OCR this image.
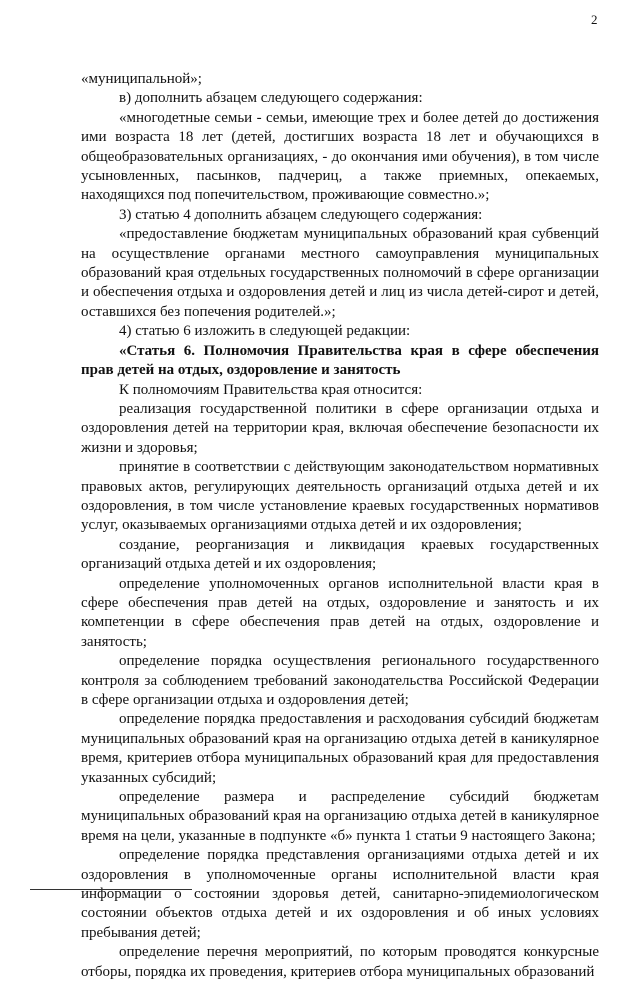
2

«муниципальной»;

в) дополнить абзацем следующего содержания:

«многодетные семьи - семьи, имеющие трех и более детей до достижения ими возраста 18 лет (детей, достигших возраста 18 лет и обучающихся в общеобразовательных организациях, - до окончания ими обучения), в том числе усыновленных, пасынков, падчериц, а также приемных, опекаемых, находящихся под попечительством, проживающие совместно.»;

3) статью 4 дополнить абзацем следующего содержания:

«предоставление бюджетам муниципальных образований края субвенций на осуществление органами местного самоуправления муниципальных образований края отдельных государственных полномочий в сфере организации и обеспечения отдыха и оздоровления детей и лиц из числа детей-сирот и детей, оставшихся без попечения родителей.»;

4) статью 6 изложить в следующей редакции:

«Статья 6. Полномочия Правительства края в сфере обеспечения прав детей на отдых, оздоровление и занятость

К полномочиям Правительства края относится:

реализация государственной политики в сфере организации отдыха и оздоровления детей на территории края, включая обеспечение безопасности их жизни и здоровья;

принятие в соответствии с действующим законодательством нормативных правовых актов, регулирующих деятельность организаций отдыха детей и их оздоровления, в том числе установление краевых государственных нормативов услуг, оказываемых организациями отдыха детей и их оздоровления;

создание, реорганизация и ликвидация краевых государственных организаций отдыха детей и их оздоровления;

определение уполномоченных органов исполнительной власти края в сфере обеспечения прав детей на отдых, оздоровление и занятость и их компетенции в сфере обеспечения прав детей на отдых, оздоровление и занятость;

определение порядка осуществления регионального государственного контроля за соблюдением требований законодательства Российской Федерации в сфере организации отдыха и оздоровления детей;

определение порядка предоставления и расходования субсидий бюджетам муниципальных образований края на организацию отдыха детей в каникулярное время, критериев отбора муниципальных образований края для предоставления указанных субсидий;

определение размера и распределение субсидий бюджетам муниципальных образований края на организацию отдыха детей в каникулярное время на цели, указанные в подпункте «б» пункта 1 статьи 9 настоящего Закона;

определение порядка представления организациями отдыха детей и их оздоровления в уполномоченные органы исполнительной власти края информации о состоянии здоровья детей, санитарно-эпидемиологическом состоянии объектов отдыха детей и их оздоровления и об иных условиях пребывания детей;

определение перечня мероприятий, по которым проводятся конкурсные отборы, порядка их проведения, критериев отбора муниципальных образований
